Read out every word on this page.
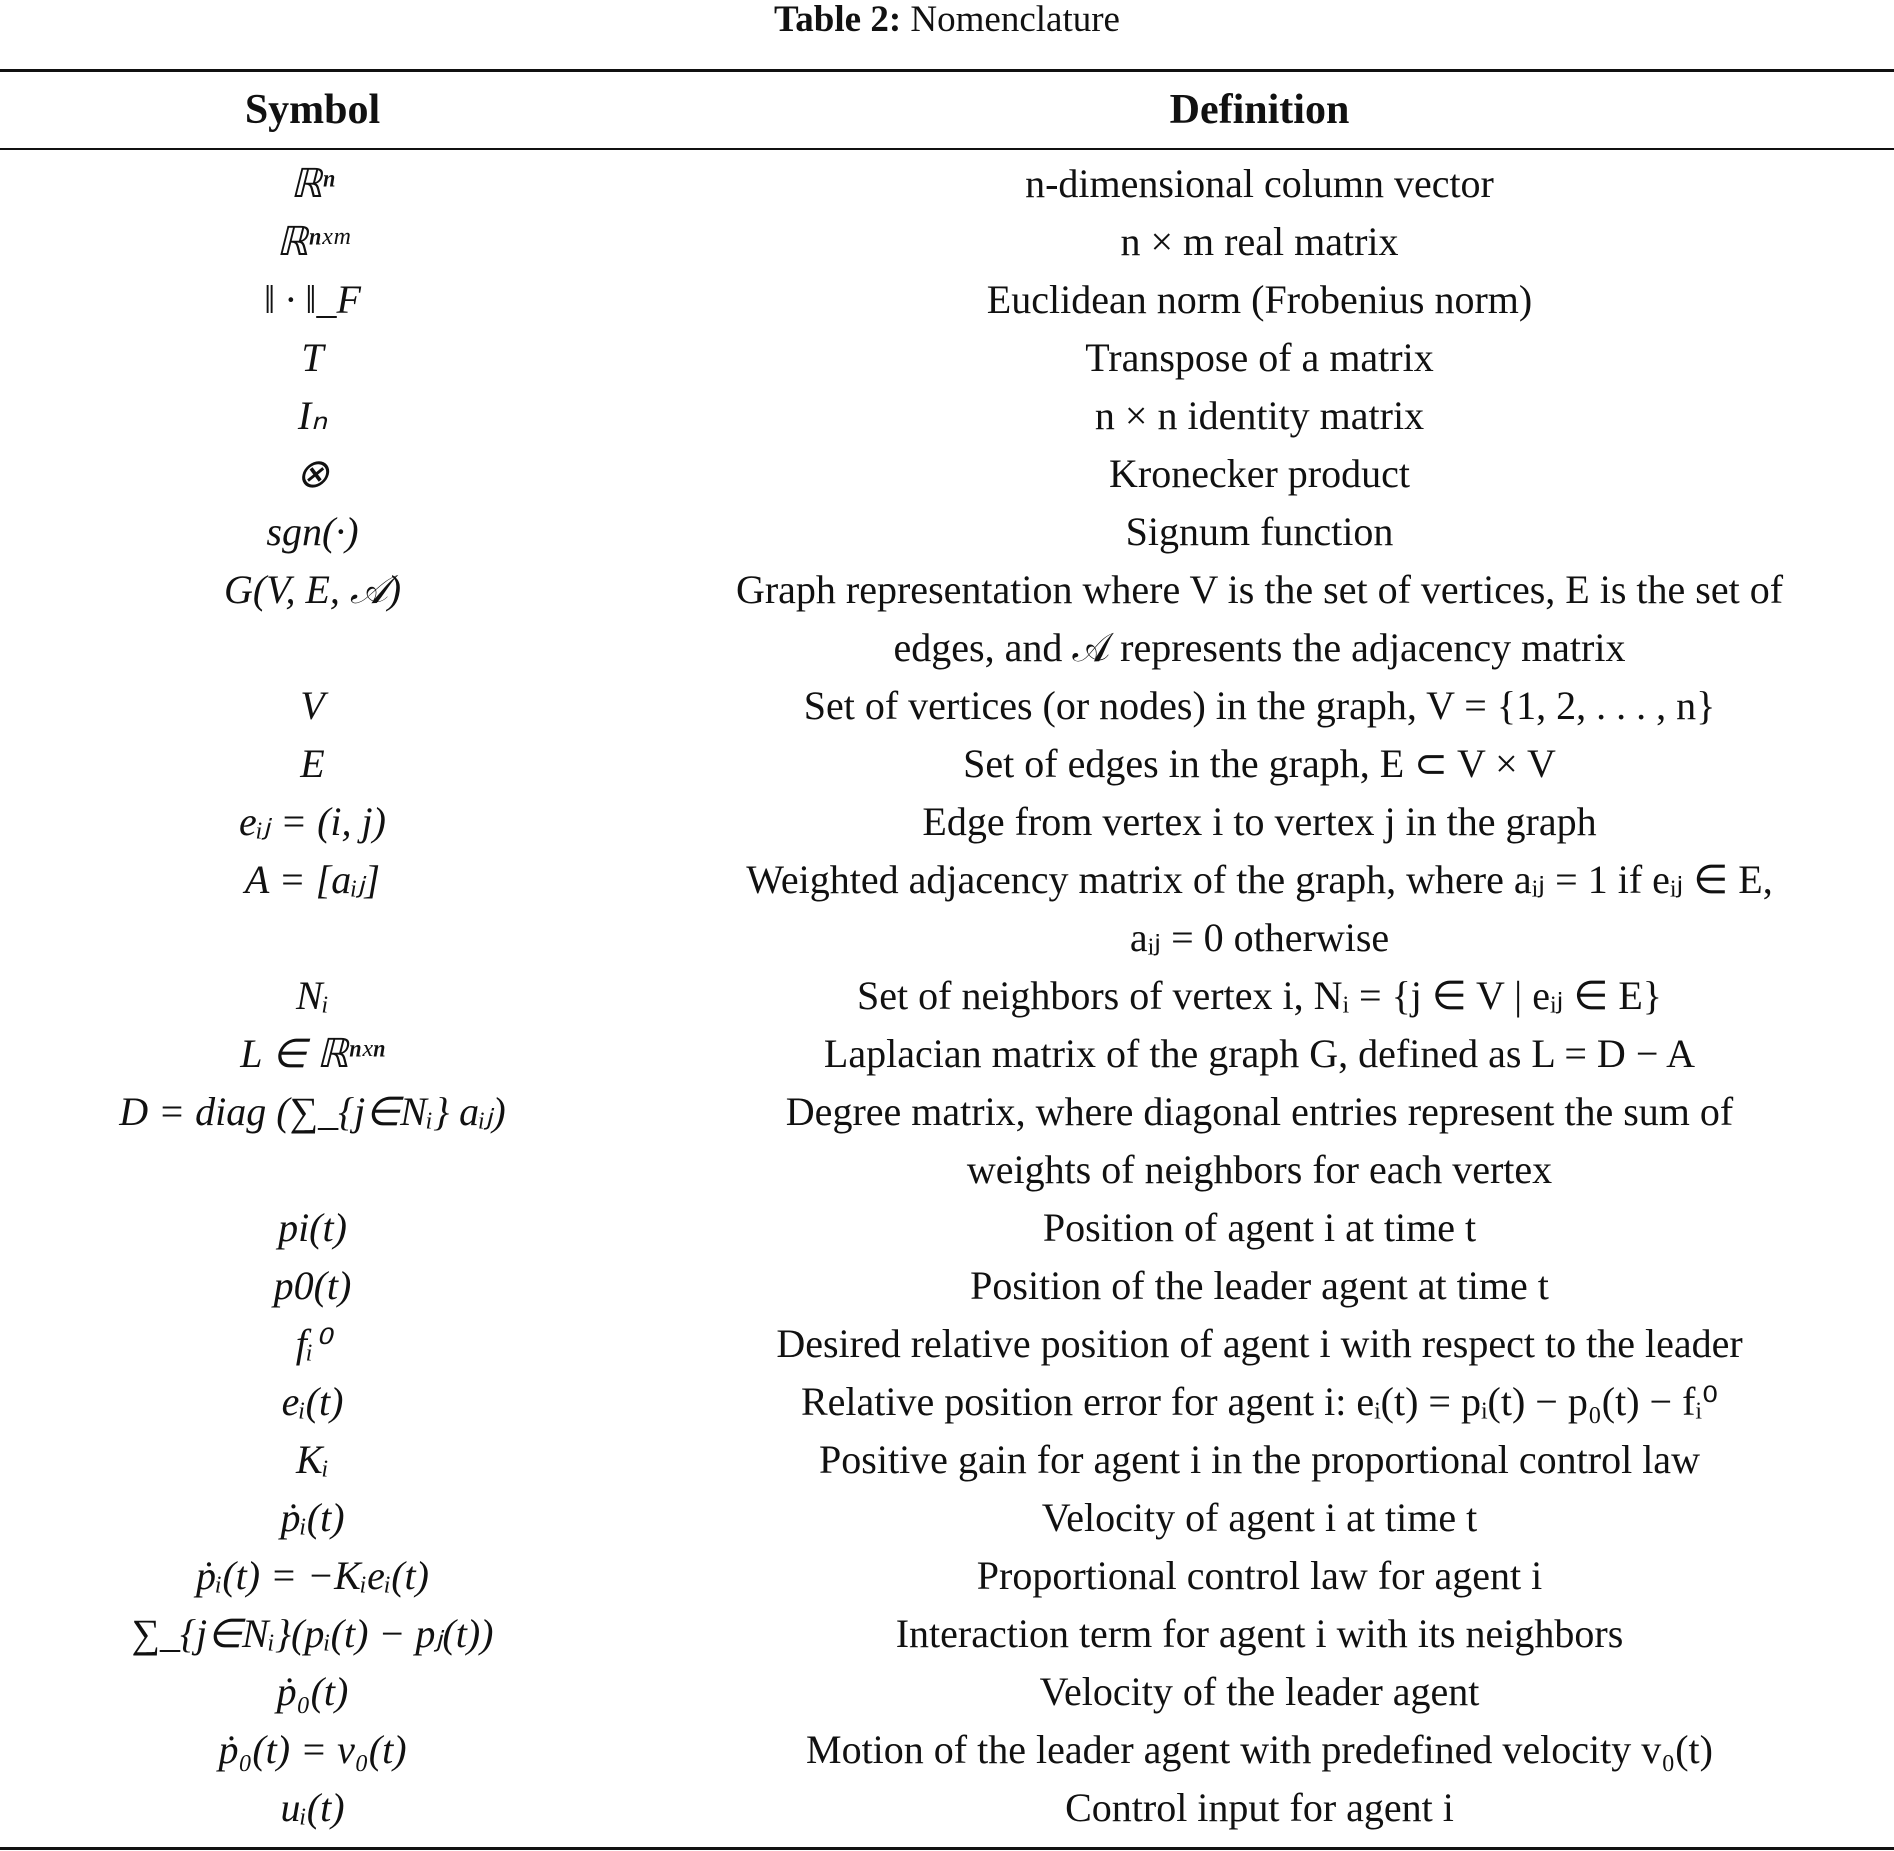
Table 2: Nomenclature
Symbol	Definition
ℝⁿ	n-dimensional column vector
ℝⁿˣᵐ	n × m real matrix
‖ · ‖_F	Euclidean norm (Frobenius norm)
T	Transpose of a matrix
Iₙ	n × n identity matrix
⊗	Kronecker product
sgn(·)	Signum function
G(V, E, 𝒜)	Graph representation where V is the set of vertices, E is the set of
edges, and 𝒜 represents the adjacency matrix
V	Set of vertices (or nodes) in the graph, V = {1, 2, . . . , n}
E	Set of edges in the graph, E ⊂ V × V
eᵢⱼ = (i, j)	Edge from vertex i to vertex j in the graph
A = [aᵢⱼ]	Weighted adjacency matrix of the graph, where aᵢⱼ = 1 if eᵢⱼ ∈ E,
aᵢⱼ = 0 otherwise
Nᵢ	Set of neighbors of vertex i, Nᵢ = {j ∈ V | eᵢⱼ ∈ E}
L ∈ ℝⁿˣⁿ	Laplacian matrix of the graph G, defined as L = D − A
D = diag (∑_{j∈Nᵢ} aᵢⱼ)	Degree matrix, where diagonal entries represent the sum of
weights of neighbors for each vertex
pi(t)	Position of agent i at time t
p0(t)	Position of the leader agent at time t
fᵢ⁰	Desired relative position of agent i with respect to the leader
eᵢ(t)	Relative position error for agent i: eᵢ(t) = pᵢ(t) − p₀(t) − fᵢ⁰
Kᵢ	Positive gain for agent i in the proportional control law
ṗᵢ(t)	Velocity of agent i at time t
ṗᵢ(t) = −Kᵢeᵢ(t)	Proportional control law for agent i
∑_{j∈Nᵢ}(pᵢ(t) − pⱼ(t))	Interaction term for agent i with its neighbors
ṗ₀(t)	Velocity of the leader agent
ṗ₀(t) = v₀(t)	Motion of the leader agent with predefined velocity v₀(t)
uᵢ(t)	Control input for agent i
